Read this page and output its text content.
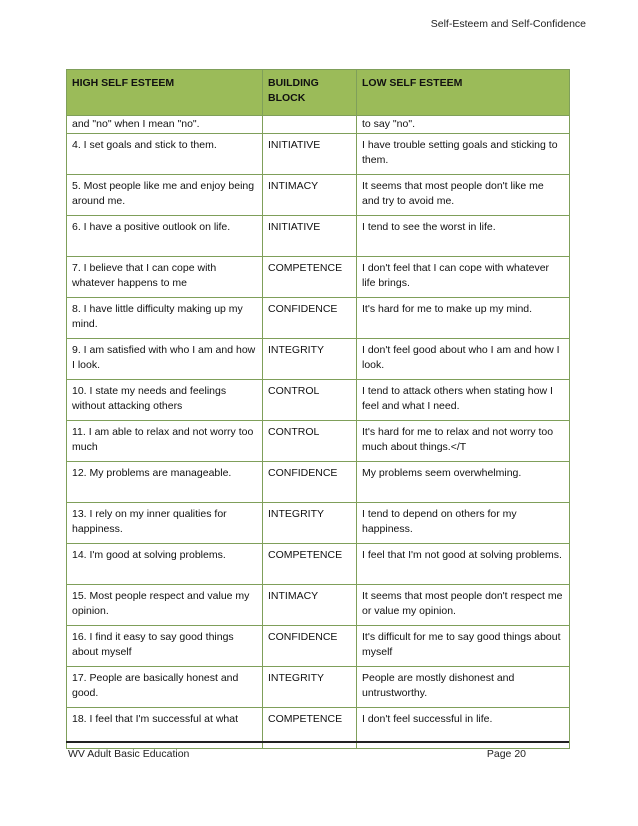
Self-Esteem and Self-Confidence
HIGH SELF ESTEEM	BUILDING BLOCK	LOW SELF ESTEEM
and "no" when I mean "no".		to say "no".
4. I set goals and stick to them.	INITIATIVE	I have trouble setting goals and sticking to them.
5. Most people like me and enjoy being around me.	INTIMACY	It seems that most people don't like me and try to avoid me.
6. I have a positive outlook on life.	INITIATIVE	I tend to see the worst in life.
7. I believe that I can cope with whatever happens to me	COMPETENCE	I don't feel that I can cope with whatever life brings.
8. I have little difficulty making up my mind.	CONFIDENCE	It's hard for me to make up my mind.
9. I am satisfied with who I am and how I look.	INTEGRITY	I don't feel good about who I am and how I look.
10. I state my needs and feelings without attacking others	CONTROL	I tend to attack others when stating how I feel and what I need.
11. I am able to relax and not worry too much	CONTROL	It's hard for me to relax and not worry too much about things.</T
12. My problems are manageable.	CONFIDENCE	My problems seem overwhelming.
13. I rely on my inner qualities for happiness.	INTEGRITY	I tend to depend on others for my happiness.
14. I'm good at solving problems.	COMPETENCE	I feel that I'm not good at solving problems.
15. Most people respect and value my opinion.	INTIMACY	It seems that most people don't respect me or value my opinion.
16. I find it easy to say good things about myself	CONFIDENCE	It's difficult for me to say good things about myself
17. People are basically honest and good.	INTEGRITY	People are mostly dishonest and untrustworthy.
18. I feel that I'm successful at what	COMPETENCE	I don't feel successful in life.
WV Adult Basic Education	Page 20
